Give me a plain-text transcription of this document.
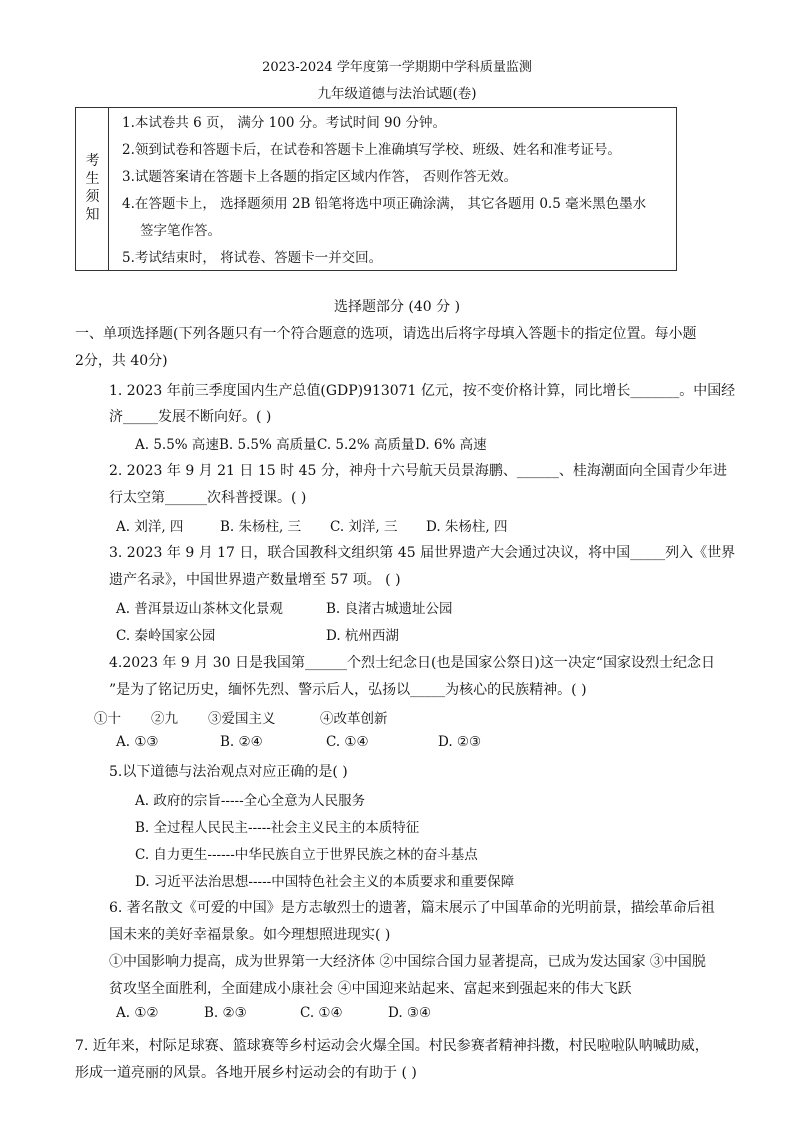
2023-2024 学年度第一学期期中学科质量监测
九年级道德与法治试题(卷)
考
生
须
知
1.本试卷共 6 页， 满分 100 分。考试时间 90 分钟。
2.领到试卷和答题卡后，在试卷和答题卡上准确填写学校、班级、姓名和准考证号。
3.试题答案请在答题卡上各题的指定区域内作答， 否则作答无效。
4.在答题卡上， 选择题须用 2B 铅笔将选中项正确涂满， 其它各题用 0.5 毫米黑色墨水
签字笔作答。
5.考试结束时， 将试卷、答题卡一并交回。
选择题部分 (40 分 )
一、单项选择题(下列各题只有一个符合题意的选项，请选出后将字母填入答题卡的指定位置。每小题
2分，共 40分)
1. 2023 年前三季度国内生产总值(GDP)913071 亿元，按不变价格计算，同比增长_______。中国经
济_____发展不断向好。( )
A. 5.5% 高速 B. 5.5% 高质量 C. 5.2% 高质量 D. 6% 高速
2. 2023 年 9 月 21 日 15 时 45 分，神舟十六号航天员景海鹏、______、桂海潮面向全国青少年进
行太空第______次科普授课。( )
A. 刘洋, 四	B. 朱杨柱, 三 C. 刘洋, 三 D. 朱杨柱, 四
3. 2023 年 9 月 17 日，联合国教科文组织第 45 届世界遗产大会通过决议，将中国_____列入《世界
遗产名录》，中国世界遗产数量增至 57 项。 ( )
A. 普洱景迈山茶林文化景观	B. 良渚古城遗址公园
C. 秦岭国家公园	D. 杭州西湖
4.2023 年 9 月 30 日是我国第______个烈士纪念日(也是国家公祭日)这一决定“国家设烈士纪念日
”是为了铭记历史，缅怀先烈、警示后人，弘扬以_____为核心的民族精神。( )
①十 ②九 ③爱国主义	④改革创新
A. ①③	B. ②④	C. ①④	D. ②③
5.以下道德与法治观点对应正确的是( )
A. 政府的宗旨-----全心全意为人民服务
B. 全过程人民民主-----社会主义民主的本质特征
C. 自力更生------中华民族自立于世界民族之林的奋斗基点
D. 习近平法治思想-----中国特色社会主义的本质要求和重要保障
6. 著名散文《可爱的中国》是方志敏烈士的遗著，篇末展示了中国革命的光明前景，描绘革命后祖
国未来的美好幸福景象。如今理想照进现实( )
①中国影响力提高，成为世界第一大经济体 ②中国综合国力显著提高，已成为发达国家 ③中国脱
贫攻坚全面胜利，全面建成小康社会 ④中国迎来站起来、富起来到强起来的伟大飞跃
A. ①②	B. ②③	C. ①④	D. ③④
7. 近年来，村际足球赛、篮球赛等乡村运动会火爆全国。村民参赛者精神抖擞，村民啦啦队呐喊助威，
形成一道亮丽的风景。各地开展乡村运动会的有助于 ( )
